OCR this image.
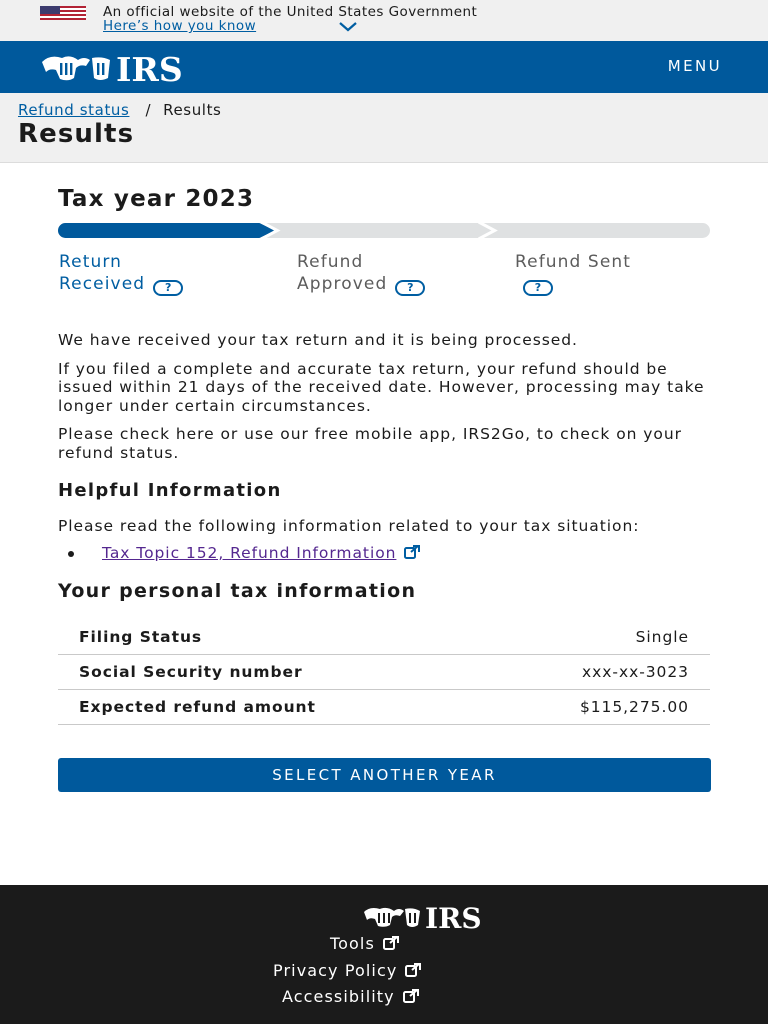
An official website of the United States Government
Here’s how you know
IRS	MENU
Refund status / Results
Results
Tax year 2023
Return
Received ?
Refund
Approved ?
Refund Sent
?

We have received your tax return and it is being processed.

If you filed a complete and accurate tax return, your refund should be issued within 21 days of the received date. However, processing may take longer under certain circumstances.

Please check here or use our free mobile app, IRS2Go, to check on your refund status.

Helpful Information

Please read the following information related to your tax situation:

Tax Topic 152, Refund Information
Your personal tax information
Filing Status	Single
Social Security number	xxx-xx-3023
Expected refund amount	$115,275.00
SELECT ANOTHER YEAR
IRS
Tools
Privacy Policy
Accessibility
